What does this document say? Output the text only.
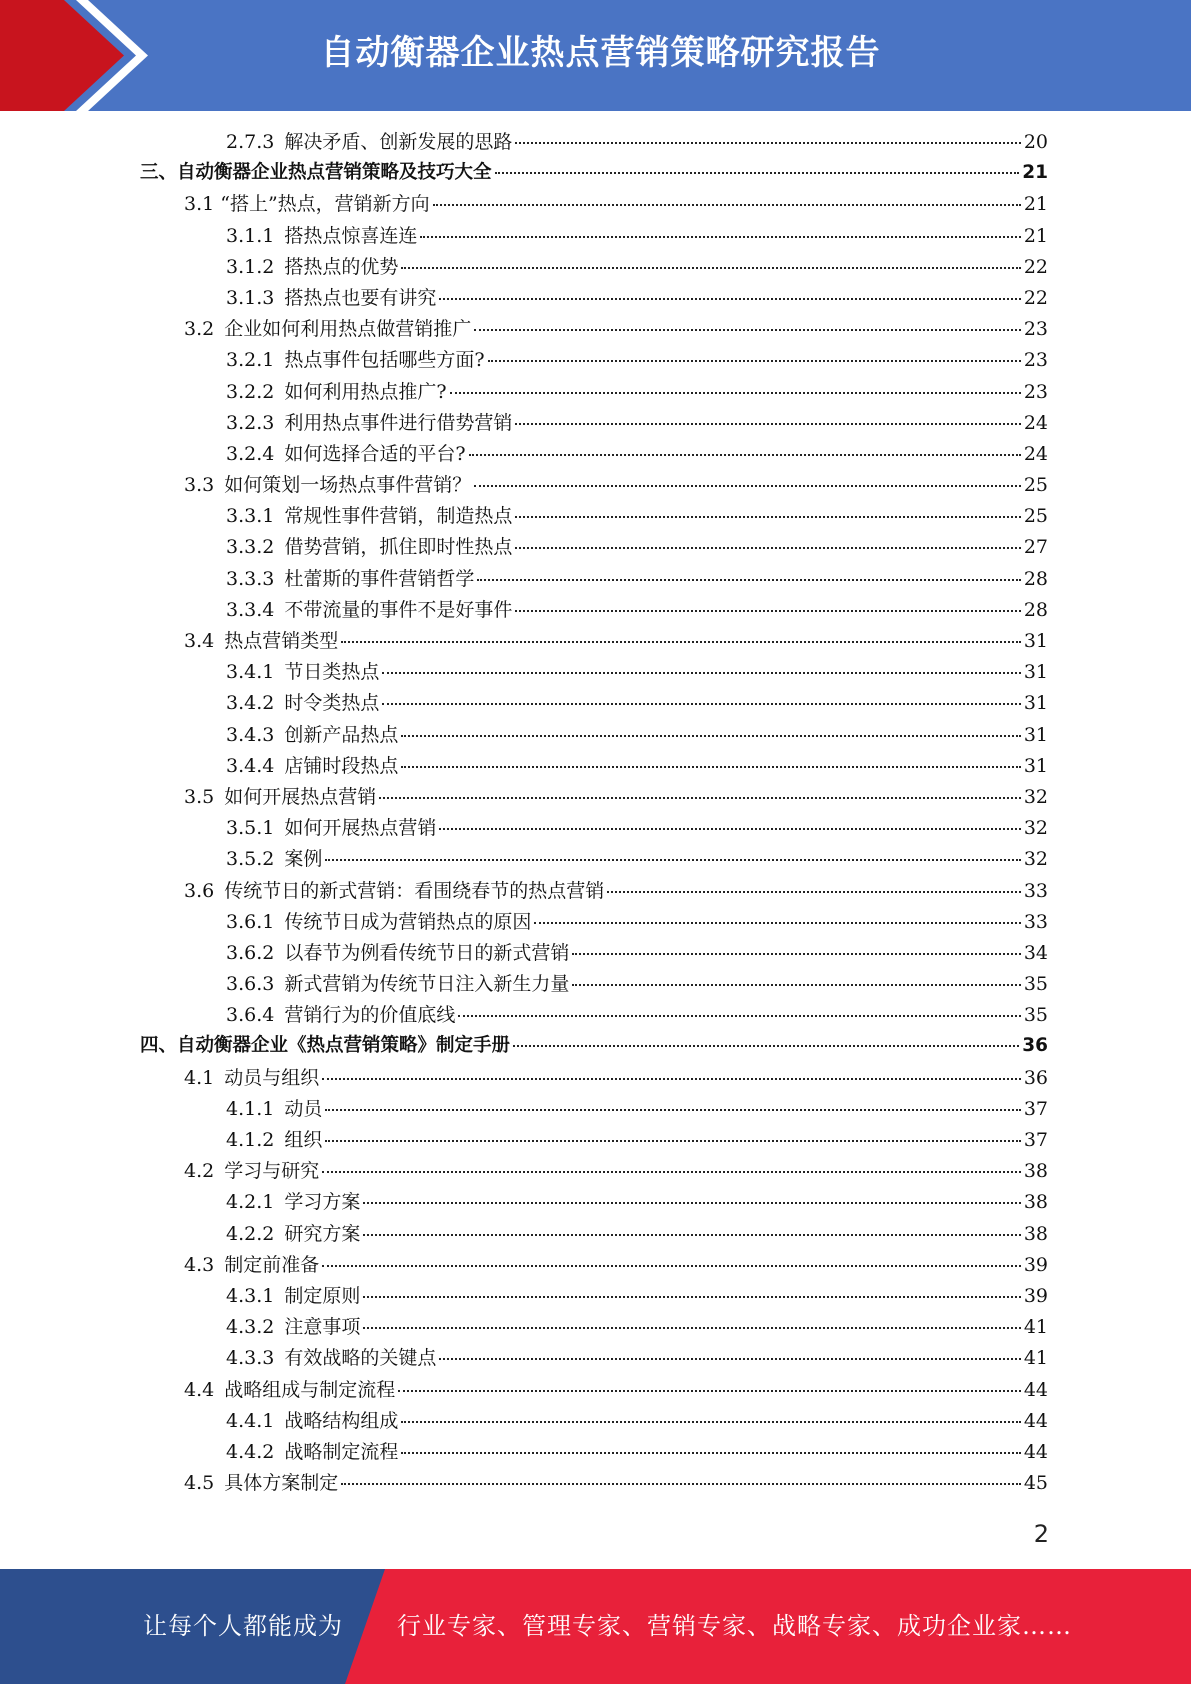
自动衡器企业热点营销策略研究报告
2.7.3 解决矛盾、创新发展的思路	20
三、自动衡器企业热点营销策略及技巧大全	21
3.1 “搭上”热点，营销新方向	21
3.1.1 搭热点惊喜连连	21
3.1.2 搭热点的优势	22
3.1.3 搭热点也要有讲究	22
3.2 企业如何利用热点做营销推广	23
3.2.1 热点事件包括哪些方面?	23
3.2.2 如何利用热点推广?	23
3.2.3 利用热点事件进行借势营销	24
3.2.4 如何选择合适的平台?	24
3.3 如何策划一场热点事件营销？	25
3.3.1 常规性事件营销，制造热点	25
3.3.2 借势营销，抓住即时性热点	27
3.3.3 杜蕾斯的事件营销哲学	28
3.3.4 不带流量的事件不是好事件	28
3.4 热点营销类型	31
3.4.1 节日类热点	31
3.4.2 时令类热点	31
3.4.3 创新产品热点	31
3.4.4 店铺时段热点	31
3.5 如何开展热点营销	32
3.5.1 如何开展热点营销	32
3.5.2 案例	32
3.6 传统节日的新式营销：看围绕春节的热点营销	33
3.6.1 传统节日成为营销热点的原因	33
3.6.2 以春节为例看传统节日的新式营销	34
3.6.3 新式营销为传统节日注入新生力量	35
3.6.4 营销行为的价值底线	35
四、自动衡器企业《热点营销策略》制定手册	36
4.1 动员与组织	36
4.1.1 动员	37
4.1.2 组织	37
4.2 学习与研究	38
4.2.1 学习方案	38
4.2.2 研究方案	38
4.3 制定前准备	39
4.3.1 制定原则	39
4.3.2 注意事项	41
4.3.3 有效战略的关键点	41
4.4 战略组成与制定流程	44
4.4.1 战略结构组成	44
4.4.2 战略制定流程	44
4.5 具体方案制定	45
2
让每个人都能成为 行业专家、管理专家、营销专家、战略专家、成功企业家……
